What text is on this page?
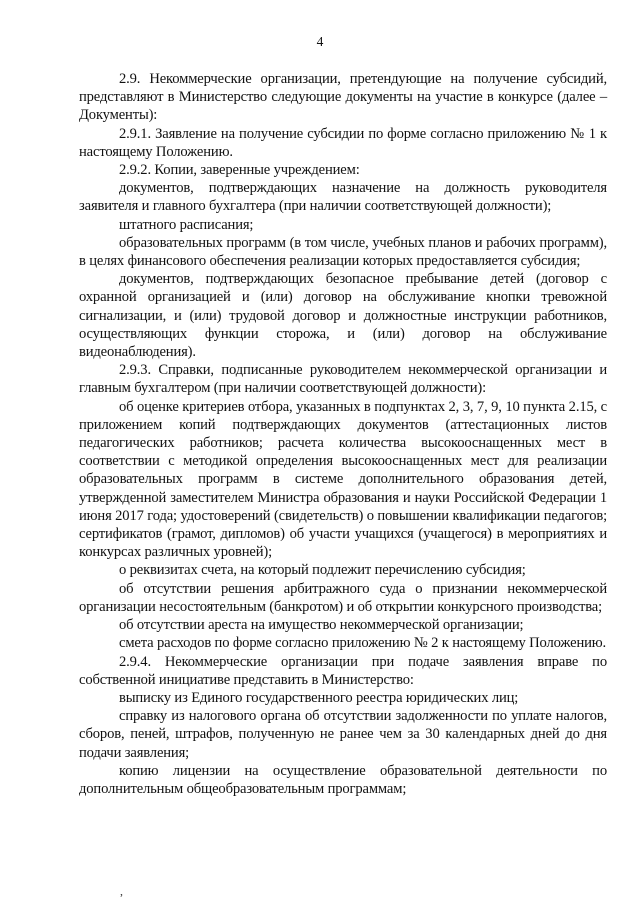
4

2.9. Некоммерческие организации, претендующие на получение субсидий, представляют в Министерство следующие документы на участие в конкурсе (далее – Документы):

2.9.1. Заявление на получение субсидии по форме согласно приложению № 1 к настоящему Положению.

2.9.2. Копии, заверенные учреждением:

документов, подтверждающих назначение на должность руководителя заявителя и главного бухгалтера (при наличии соответствующей должности);

штатного расписания;

образовательных программ (в том числе, учебных планов и рабочих программ), в целях финансового обеспечения реализации которых предоставляется субсидия;

документов, подтверждающих безопасное пребывание детей (договор с охранной организацией и (или) договор на обслуживание кнопки тревожной сигнализации, и (или) трудовой договор и должностные инструкции работников, осуществляющих функции сторожа, и (или) договор на обслуживание видеонаблюдения).

2.9.3. Справки, подписанные руководителем некоммерческой организации и главным бухгалтером (при наличии соответствующей должности):

об оценке критериев отбора, указанных в подпунктах 2, 3, 7, 9, 10 пункта 2.15, с приложением копий подтверждающих документов (аттестационных листов педагогических работников; расчета количества высокооснащенных мест в соответствии с методикой определения высокооснащенных мест для реализации образовательных программ в системе дополнительного образования детей, утвержденной заместителем Министра образования и науки Российской Федерации 1 июня 2017 года; удостоверений (свидетельств) о повышении квалификации педагогов; сертификатов (грамот, дипломов) об участи учащихся (учащегося) в мероприятиях и конкурсах различных уровней);

о реквизитах счета, на который подлежит перечислению субсидия;

об отсутствии решения арбитражного суда о признании некоммерческой организации несостоятельным (банкротом) и об открытии конкурсного производства;

об отсутствии ареста на имущество некоммерческой организации;

смета расходов по форме согласно приложению № 2 к настоящему Положению.

2.9.4. Некоммерческие организации при подаче заявления вправе по собственной инициативе представить в Министерство:

выписку из Единого государственного реестра юридических лиц;

справку из налогового органа об отсутствии задолженности по уплате налогов, сборов, пеней, штрафов, полученную не ранее чем за 30 календарных дней до дня подачи заявления;

копию лицензии на осуществление образовательной деятельности по дополнительным общеобразовательным программам;

,
